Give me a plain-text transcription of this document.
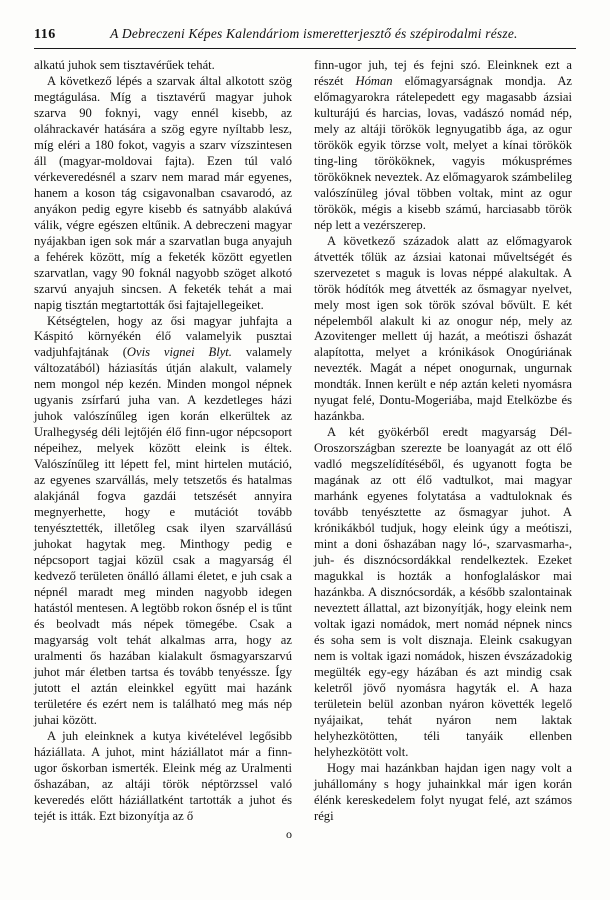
116	A Debreczeni Képes Kalendáriom ismeretterjesztő és szépirodalmi része.

alkatú juhok sem tisztavérűek tehát.

A következő lépés a szarvak által alkotott szög megtágulása. Míg a tisztavérű magyar juhok szarva 90 foknyi, vagy ennél kisebb, az oláhrackavér hatására a szög egyre nyíltabb lesz, míg eléri a 180 fokot, vagyis a szarv vízszintesen áll (magyar-moldovai fajta). Ezen túl való vérkeveredésnél a szarv nem marad már egyenes, hanem a koson tág csigavonalban csavarodó, az anyákon pedig egyre kisebb és satnyább alakúvá válik, végre egészen eltűnik. A debreczeni magyar nyájakban igen sok már a szarvatlan buga anyajuh a fehérek között, míg a feketék között egyetlen szarvatlan, vagy 90 foknál nagyobb szöget alkotó szarvú anyajuh sincsen. A feketék tehát a mai napig tisztán megtartották ősi fajtajellegeiket.

Kétségtelen, hogy az ősi magyar juhfajta a Káspitó környékén élő valamelyik pusztai vadjuhfajtának (Ovis vignei Blyt. valamely változatából) háziasítás útján alakult, valamely nem mongol nép kezén. Minden mongol népnek ugyanis zsírfarú juha van. A kezdetleges házi juhok valószínűleg igen korán elkerültek az Uralhegység déli lejtőjén élő finn-ugor népcsoport népeihez, melyek között eleink is éltek. Valószínűleg itt lépett fel, mint hirtelen mutáció, az egyenes szarvállás, mely tetszetős és hatalmas alakjánál fogva gazdái tetszését annyira megnyerhette, hogy e mutációt tovább tenyésztették, illetőleg csak ilyen szarvállású juhokat hagytak meg. Minthogy pedig e népcsoport tagjai közül csak a magyarság él kedvező területen önálló állami életet, e juh csak a népnél maradt meg minden nagyobb idegen hatástól mentesen. A legtöbb rokon ősnép el is tűnt és beolvadt más népek tömegébe. Csak a magyarság volt tehát alkalmas arra, hogy az uralmenti ős hazában kialakult ősmagyarszarvú juhot már életben tartsa és tovább tenyéssze. Így jutott el aztán eleinkkel együtt mai hazánk területére és ezért nem is található meg más nép juhai között.

A juh eleinknek a kutya kivételével legősibb háziállata. A juhot, mint háziállatot már a finn-ugor őskorban ismerték. Eleink még az Uralmenti őshazában, az altáji török néptörzssel való keveredés előtt háziállatként tartották a juhot és tejét is itták. Ezt bizonyítja az ő

o

finn-ugor juh, tej és fejni szó. Eleinknek ezt a részét Hóman előmagyarságnak mondja. Az előmagyarokra rátelepedett egy magasabb ázsiai kulturájú és harcias, lovas, vadászó nomád nép, mely az altáji törökök legnyugatibb ága, az ogur törökök egyik törzse volt, melyet a kínai törökök ting-ling törököknek, vagyis mókusprémes törököknek neveztek. Az előmagyarok számbelileg valószínüleg jóval többen voltak, mint az ogur törökök, mégis a kisebb számú, harciasabb török nép lett a vezérszerep.

A következő századok alatt az előmagyarok átvették tőlük az ázsiai katonai műveltségét és szervezetet s maguk is lovas néppé alakultak. A török hódítók meg átvették az ősmagyar nyelvet, mely most igen sok török szóval bővült. E két népelemből alakult ki az onogur nép, mely az Azovitenger mellett új hazát, a meótiszi őshazát alapította, melyet a krónikások Onogúriának nevezték. Magát a népet onogurnak, ungurnak mondták. Innen került e nép aztán keleti nyomásra nyugat felé, Dontu-Mogeriába, majd Etelközbe és hazánkba.

A két gyökérből eredt magyarság Dél-Oroszországban szerezte be loanyagát az ott élő vadló megszelídítéséből, és ugyanott fogta be magának az ott élő vadtulkot, mai magyar marhánk egyenes folytatása a vadtuloknak és tovább tenyésztette az ősmagyar juhot. A krónikákból tudjuk, hogy eleink úgy a meótiszi, mint a doni őshazában nagy ló-, szarvasmarha-, juh- és disznócsordákkal rendelkeztek. Ezeket magukkal is hozták a honfoglaláskor mai hazánkba. A disznócsordák, a később szalontainak neveztett állattal, azt bizonyítják, hogy eleink nem voltak igazi nomádok, mert nomád népnek nincs és soha sem is volt disznaja. Eleink csakugyan nem is voltak igazi nomádok, hiszen évszázadokig megülték egy-egy házában és azt mindig csak keletről jövő nyomásra hagyták el. A haza területein belül azonban nyáron követték legelő nyájaikat, tehát nyáron nem laktak helyhezkötötten, téli tanyáik ellenben helyhezkötött volt.

Hogy mai hazánkban hajdan igen nagy volt a juhállomány s hogy juhainkkal már igen korán élénk kereskedelem folyt nyugat felé, azt számos régi
